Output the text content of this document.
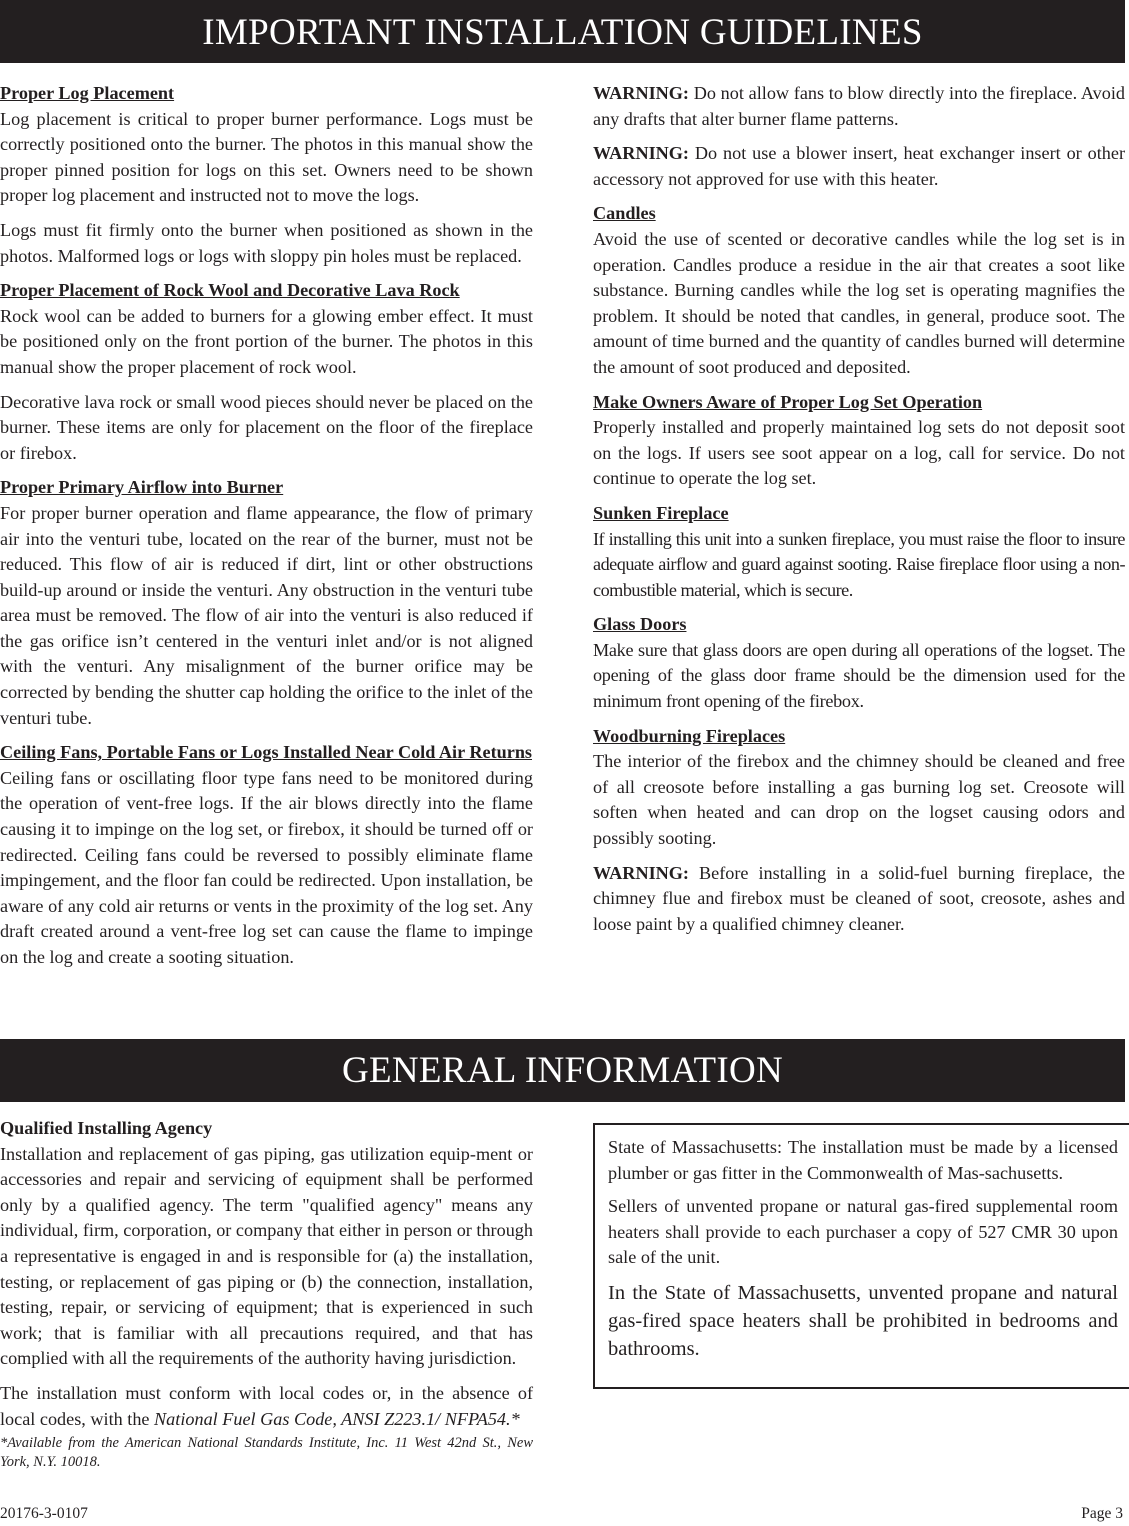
IMPORTANT INSTALLATION GUIDELINES
Proper Log Placement

Log placement is critical to proper burner performance. Logs must be correctly positioned onto the burner. The photos in this manual show the proper pinned position for logs on this set. Owners need to be shown proper log placement and instructed not to move the logs.

Logs must fit firmly onto the burner when positioned as shown in the photos. Malformed logs or logs with sloppy pin holes must be replaced.

Proper Placement of Rock Wool and Decorative Lava Rock

Rock wool can be added to burners for a glowing ember effect. It must be positioned only on the front portion of the burner. The photos in this manual show the proper placement of rock wool.

Decorative lava rock or small wood pieces should never be placed on the burner. These items are only for placement on the floor of the fireplace or firebox.

Proper Primary Airflow into Burner

For proper burner operation and flame appearance, the flow of primary air into the venturi tube, located on the rear of the burner, must not be reduced. This flow of air is reduced if dirt, lint or other obstructions build-up around or inside the venturi. Any obstruction in the venturi tube area must be removed. The flow of air into the venturi is also reduced if the gas orifice isn’t centered in the venturi inlet and/or is not aligned with the venturi. Any misalignment of the burner orifice may be corrected by bending the shutter cap holding the orifice to the inlet of the venturi tube.

Ceiling Fans, Portable Fans or Logs Installed Near Cold Air Returns

Ceiling fans or oscillating floor type fans need to be monitored during the operation of vent-free logs. If the air blows directly into the flame causing it to impinge on the log set, or firebox, it should be turned off or redirected. Ceiling fans could be reversed to possibly eliminate flame impingement, and the floor fan could be redirected. Upon installation, be aware of any cold air returns or vents in the proximity of the log set. Any draft created around a vent-free log set can cause the flame to impinge on the log and create a sooting situation.

WARNING: Do not allow fans to blow directly into the fireplace. Avoid any drafts that alter burner flame patterns.

WARNING: Do not use a blower insert, heat exchanger insert or other accessory not approved for use with this heater.

Candles

Avoid the use of scented or decorative candles while the log set is in operation. Candles produce a residue in the air that creates a soot like substance. Burning candles while the log set is operating magnifies the problem. It should be noted that candles, in general, produce soot. The amount of time burned and the quantity of candles burned will determine the amount of soot produced and deposited.

Make Owners Aware of Proper Log Set Operation

Properly installed and properly maintained log sets do not deposit soot on the logs. If users see soot appear on a log, call for service. Do not continue to operate the log set.

Sunken Fireplace

If installing this unit into a sunken fireplace, you must raise the floor to insure adequate airflow and guard against sooting. Raise fireplace floor using a non-combustible material, which is secure.

Glass Doors

Make sure that glass doors are open during all operations of the logset. The opening of the glass door frame should be the dimension used for the minimum front opening of the firebox.

Woodburning Fireplaces

The interior of the firebox and the chimney should be cleaned and free of all creosote before installing a gas burning log set. Creosote will soften when heated and can drop on the logset causing odors and possibly sooting.

WARNING: Before installing in a solid-fuel burning fireplace, the chimney flue and firebox must be cleaned of soot, creosote, ashes and loose paint by a qualified chimney cleaner.

GENERAL INFORMATION
Qualified Installing Agency

Installation and replacement of gas piping, gas utilization equip-ment or accessories and repair and servicing of equipment shall be performed only by a qualified agency. The term "qualified agency" means any individual, firm, corporation, or company that either in person or through a representative is engaged in and is responsible for (a) the installation, testing, or replacement of gas piping or (b) the connection, installation, testing, repair, or servicing of equipment; that is experienced in such work; that is familiar with all precautions required, and that has complied with all the requirements of the authority having jurisdiction.

The installation must conform with local codes or, in the absence of local codes, with the National Fuel Gas Code, ANSI Z223.1/ NFPA54.*

*Available from the American National Standards Institute, Inc. 11 West 42nd St., New York, N.Y. 10018.

State of Massachusetts: The installation must be made by a licensed plumber or gas fitter in the Commonwealth of Mas-sachusetts.

Sellers of unvented propane or natural gas-fired supplemental room heaters shall provide to each purchaser a copy of 527 CMR 30 upon sale of the unit.

In the State of Massachusetts, unvented propane and natural gas-fired space heaters shall be prohibited in bedrooms and bathrooms.

20176-3-0107	Page 3
